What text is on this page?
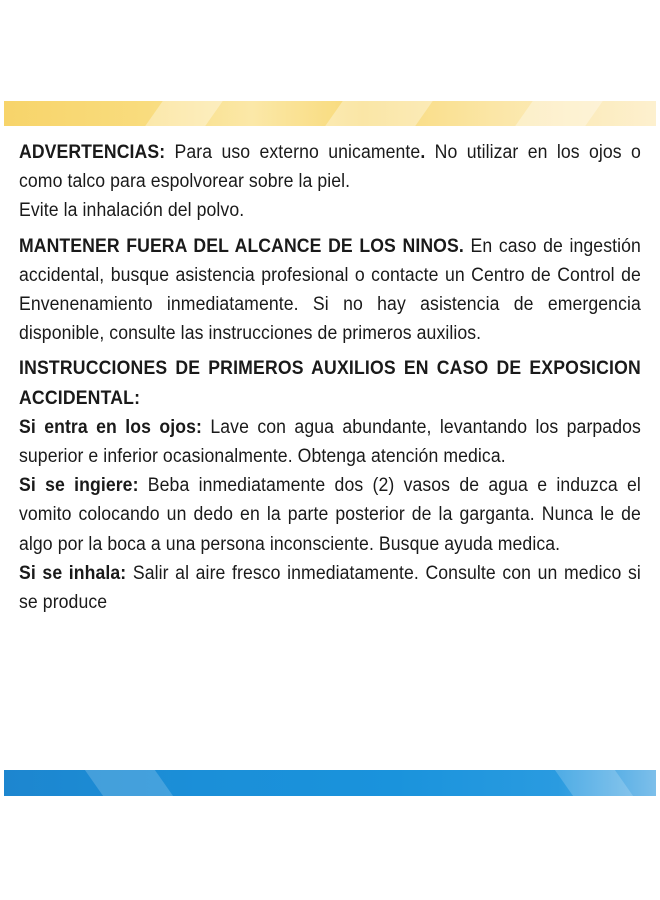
ADVERTENCIAS: Para uso externo unicamente. No utilizar en los ojos o como talco para espolvorear sobre la piel.

Evite la inhalación del polvo.

MANTENER FUERA DEL ALCANCE DE LOS NINOS. En caso de ingestión accidental, busque asistencia profesional o contacte un Centro de Control de Envenenamiento inmediatamente. Si no hay asistencia de emergencia disponible, consulte las instrucciones de primeros auxilios.

INSTRUCCIONES DE PRIMEROS AUXILIOS EN CASO DE EXPOSICION ACCIDENTAL:

Si entra en los ojos: Lave con agua abundante, levantando los parpados superior e inferior ocasionalmente. Obtenga atención medica.

Si se ingiere: Beba inmediatamente dos (2) vasos de agua e induzca el vomito colocando un dedo en la parte posterior de la garganta. Nunca le de algo por la boca a una persona inconsciente. Busque ayuda medica.

Si se inhala: Salir al aire fresco inmediatamente. Consulte con un medico si se produce
